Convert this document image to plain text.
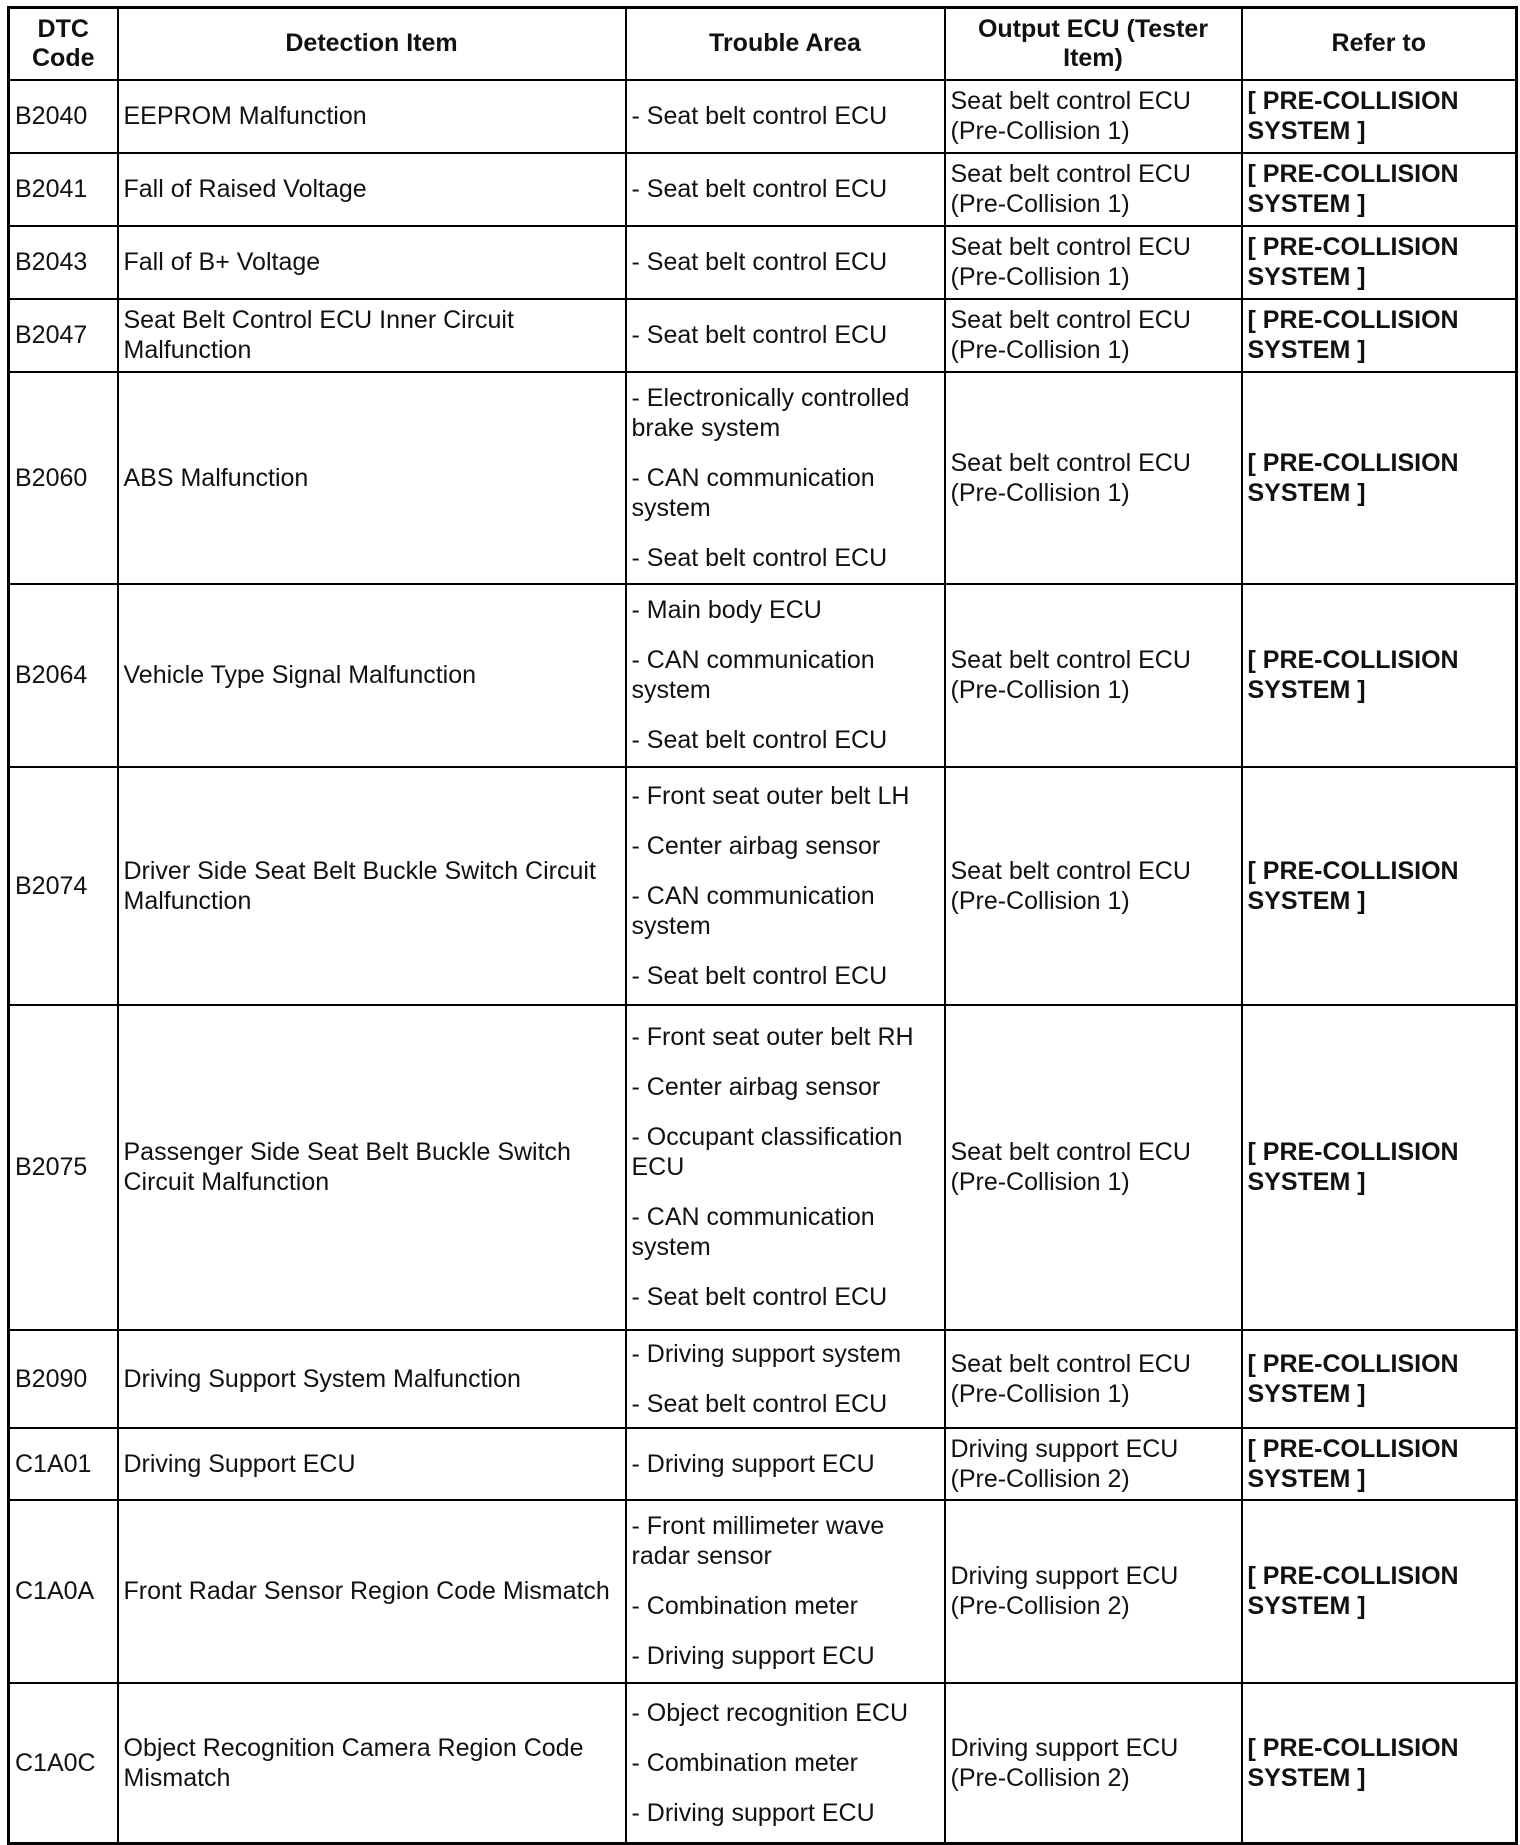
DTC Code	Detection Item	Trouble Area	Output ECU (Tester Item)	Refer to
B2040	EEPROM Malfunction	- Seat belt control ECU	Seat belt control ECU (Pre-Collision 1)	[ PRE-COLLISION SYSTEM ]
B2041	Fall of Raised Voltage	- Seat belt control ECU	Seat belt control ECU (Pre-Collision 1)	[ PRE-COLLISION SYSTEM ]
B2043	Fall of B+ Voltage	- Seat belt control ECU	Seat belt control ECU (Pre-Collision 1)	[ PRE-COLLISION SYSTEM ]
B2047	Seat Belt Control ECU Inner Circuit Malfunction	- Seat belt control ECU	Seat belt control ECU (Pre-Collision 1)	[ PRE-COLLISION SYSTEM ]
B2060	ABS Malfunction	- Electronically controlled brake system
- CAN communication system
- Seat belt control ECU	Seat belt control ECU (Pre-Collision 1)	[ PRE-COLLISION SYSTEM ]
B2064	Vehicle Type Signal Malfunction	- Main body ECU
- CAN communication system
- Seat belt control ECU	Seat belt control ECU (Pre-Collision 1)	[ PRE-COLLISION SYSTEM ]
B2074	Driver Side Seat Belt Buckle Switch Circuit Malfunction	- Front seat outer belt LH
- Center airbag sensor
- CAN communication system
- Seat belt control ECU	Seat belt control ECU (Pre-Collision 1)	[ PRE-COLLISION SYSTEM ]
B2075	Passenger Side Seat Belt Buckle Switch Circuit Malfunction	- Front seat outer belt RH
- Center airbag sensor
- Occupant classification ECU
- CAN communication system
- Seat belt control ECU	Seat belt control ECU (Pre-Collision 1)	[ PRE-COLLISION SYSTEM ]
B2090	Driving Support System Malfunction	- Driving support system
- Seat belt control ECU	Seat belt control ECU (Pre-Collision 1)	[ PRE-COLLISION SYSTEM ]
C1A01	Driving Support ECU	- Driving support ECU	Driving support ECU (Pre-Collision 2)	[ PRE-COLLISION SYSTEM ]
C1A0A	Front Radar Sensor Region Code Mismatch	- Front millimeter wave radar sensor
- Combination meter
- Driving support ECU	Driving support ECU (Pre-Collision 2)	[ PRE-COLLISION SYSTEM ]
C1A0C	Object Recognition Camera Region Code Mismatch	- Object recognition ECU
- Combination meter
- Driving support ECU	Driving support ECU (Pre-Collision 2)	[ PRE-COLLISION SYSTEM ]
